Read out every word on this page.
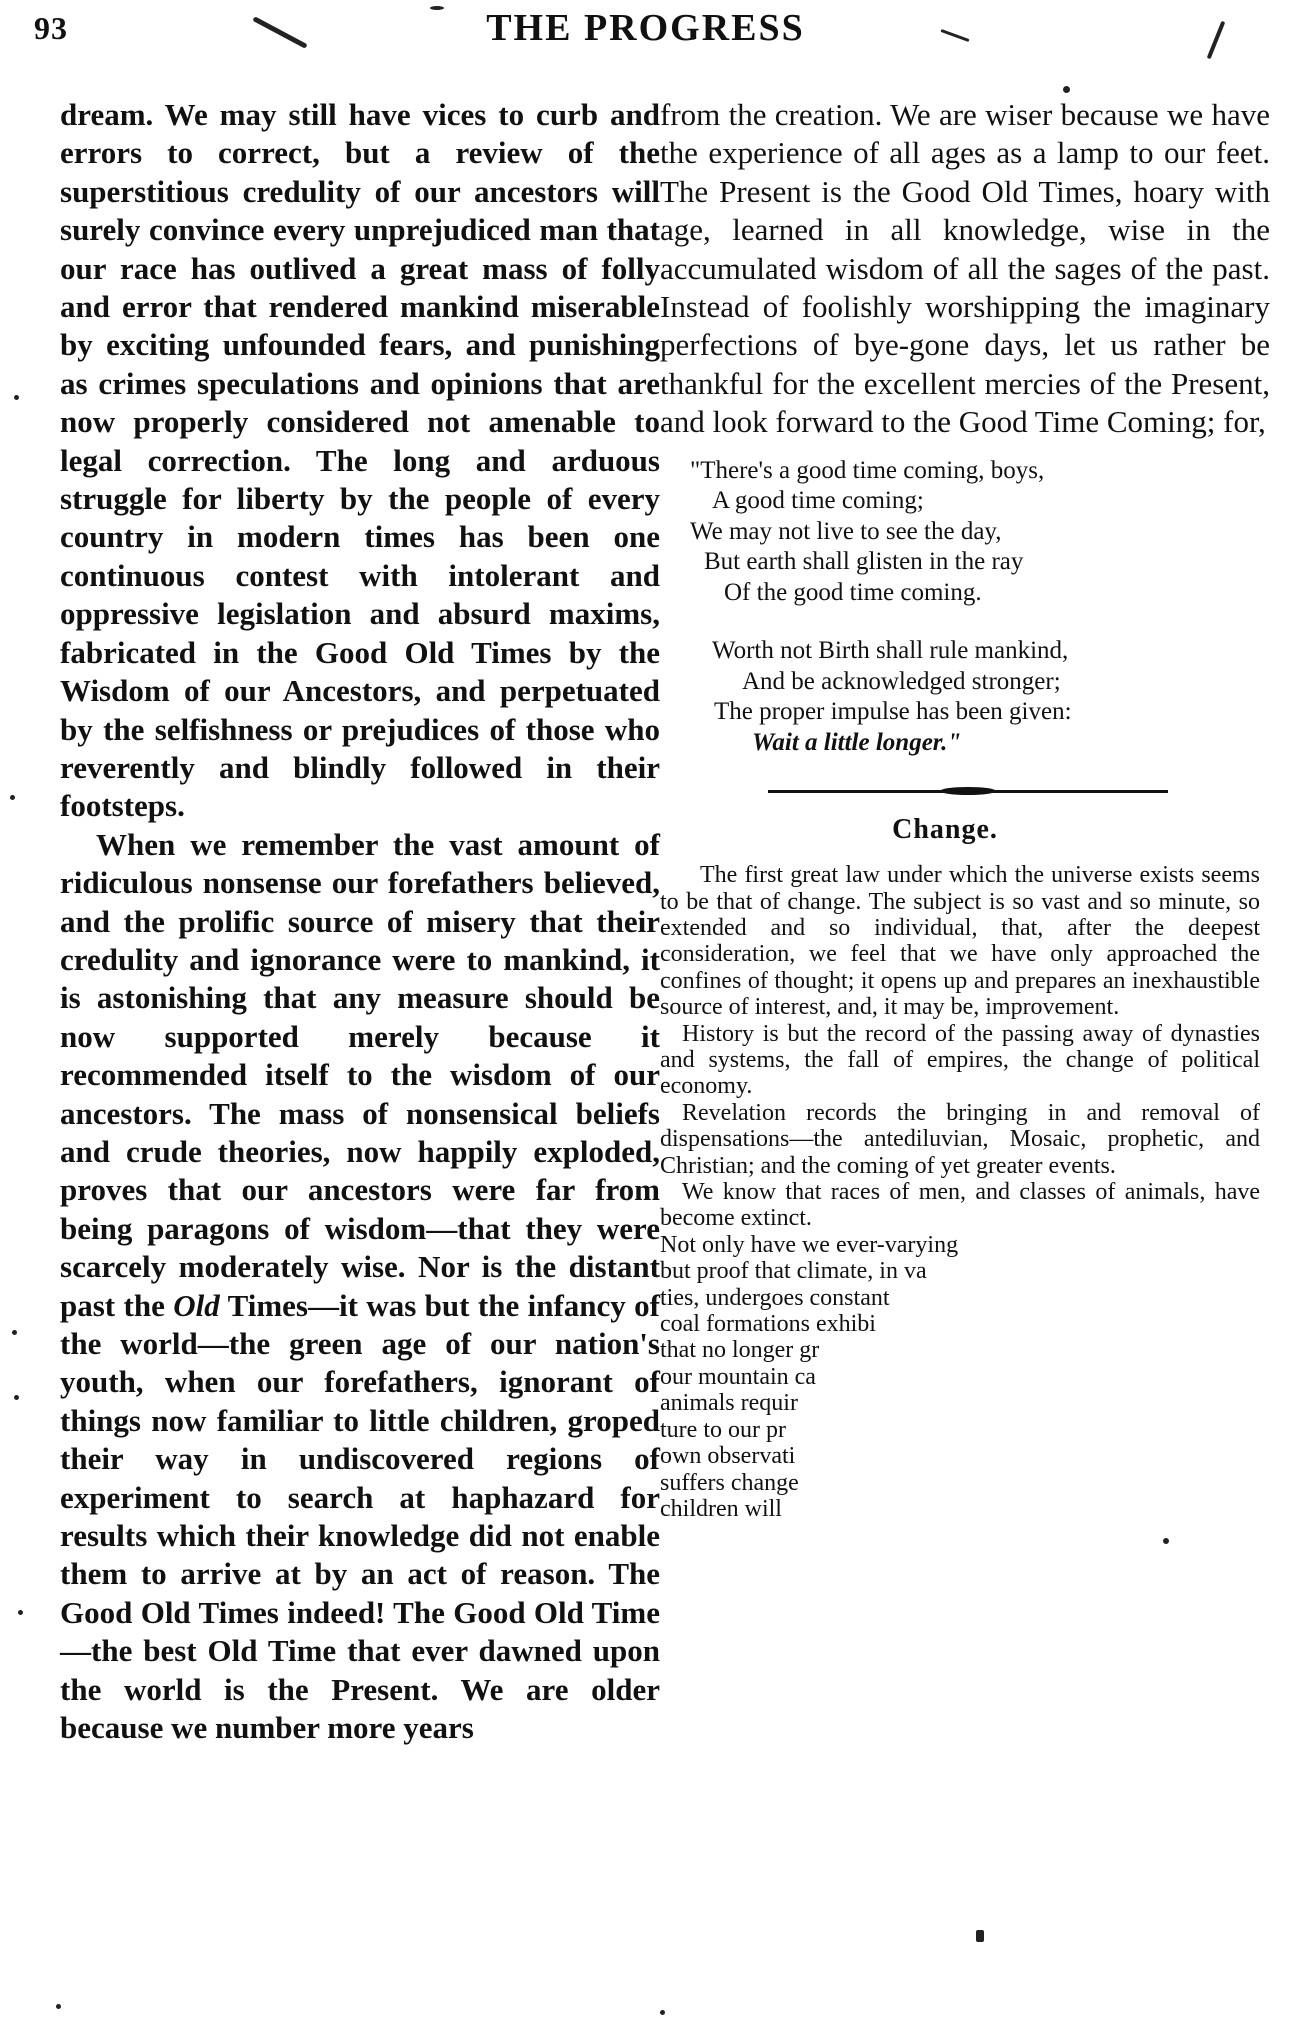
93	THE PROGRESS

dream. We may still have vices to curb and errors to correct, but a review of the superstitious credulity of our ancestors will surely convince every unprejudiced man that our race has outlived a great mass of folly and error that rendered mankind miserable by exciting unfounded fears, and punishing as crimes speculations and opinions that are now properly considered not amenable to legal correction. The long and arduous struggle for liberty by the people of every country in modern times has been one continuous contest with intolerant and oppressive legislation and absurd maxims, fabricated in the Good Old Times by the Wisdom of our Ancestors, and perpetuated by the selfishness or prejudices of those who reverently and blindly followed in their footsteps.

When we remember the vast amount of ridiculous nonsense our forefathers believed, and the prolific source of misery that their credulity and ignorance were to mankind, it is astonishing that any measure should be now supported merely because it recommended itself to the wisdom of our ancestors. The mass of nonsensical beliefs and crude theories, now happily exploded, proves that our ancestors were far from being paragons of wisdom—that they were scarcely moderately wise. Nor is the distant past the Old Times—it was but the infancy of the world—the green age of our nation's youth, when our forefathers, ignorant of things now familiar to little children, groped their way in undiscovered regions of experiment to search at haphazard for results which their knowledge did not enable them to arrive at by an act of reason. The Good Old Times indeed! The Good Old Time—the best Old Time that ever dawned upon the world is the Present. We are older because we number more years

from the creation. We are wiser because we have the experience of all ages as a lamp to our feet. The Present is the Good Old Times, hoary with age, learned in all knowledge, wise in the accumulated wisdom of all the sages of the past. Instead of foolishly worshipping the imaginary perfections of bye-gone days, let us rather be thankful for the excellent mercies of the Present, and look forward to the Good Time Coming; for,

"There's a good time coming, boys,
A good time coming;
We may not live to see the day,
But earth shall glisten in the ray
Of the good time coming.
Worth not Birth shall rule mankind,
And be acknowledged stronger;
The proper impulse has been given:
Wait a little longer."
Change.

The first great law under which the universe exists seems to be that of change. The subject is so vast and so minute, so extended and so individual, that, after the deepest consideration, we feel that we have only approached the confines of thought; it opens up and prepares an inexhaustible source of interest, and, it may be, improvement.

History is but the record of the passing away of dynasties and systems, the fall of empires, the change of political economy.

Revelation records the bringing in and removal of dispensations—the antediluvian, Mosaic, prophetic, and Christian; and the coming of yet greater events.

We know that races of men, and classes of animals, have become extinct.

Not only have we ever-varying
but proof that climate, in va
ties, undergoes constant
coal formations exhibi
that no longer gr
our mountain ca
animals requir
ture to our pr
own observati
suffers change
children will
